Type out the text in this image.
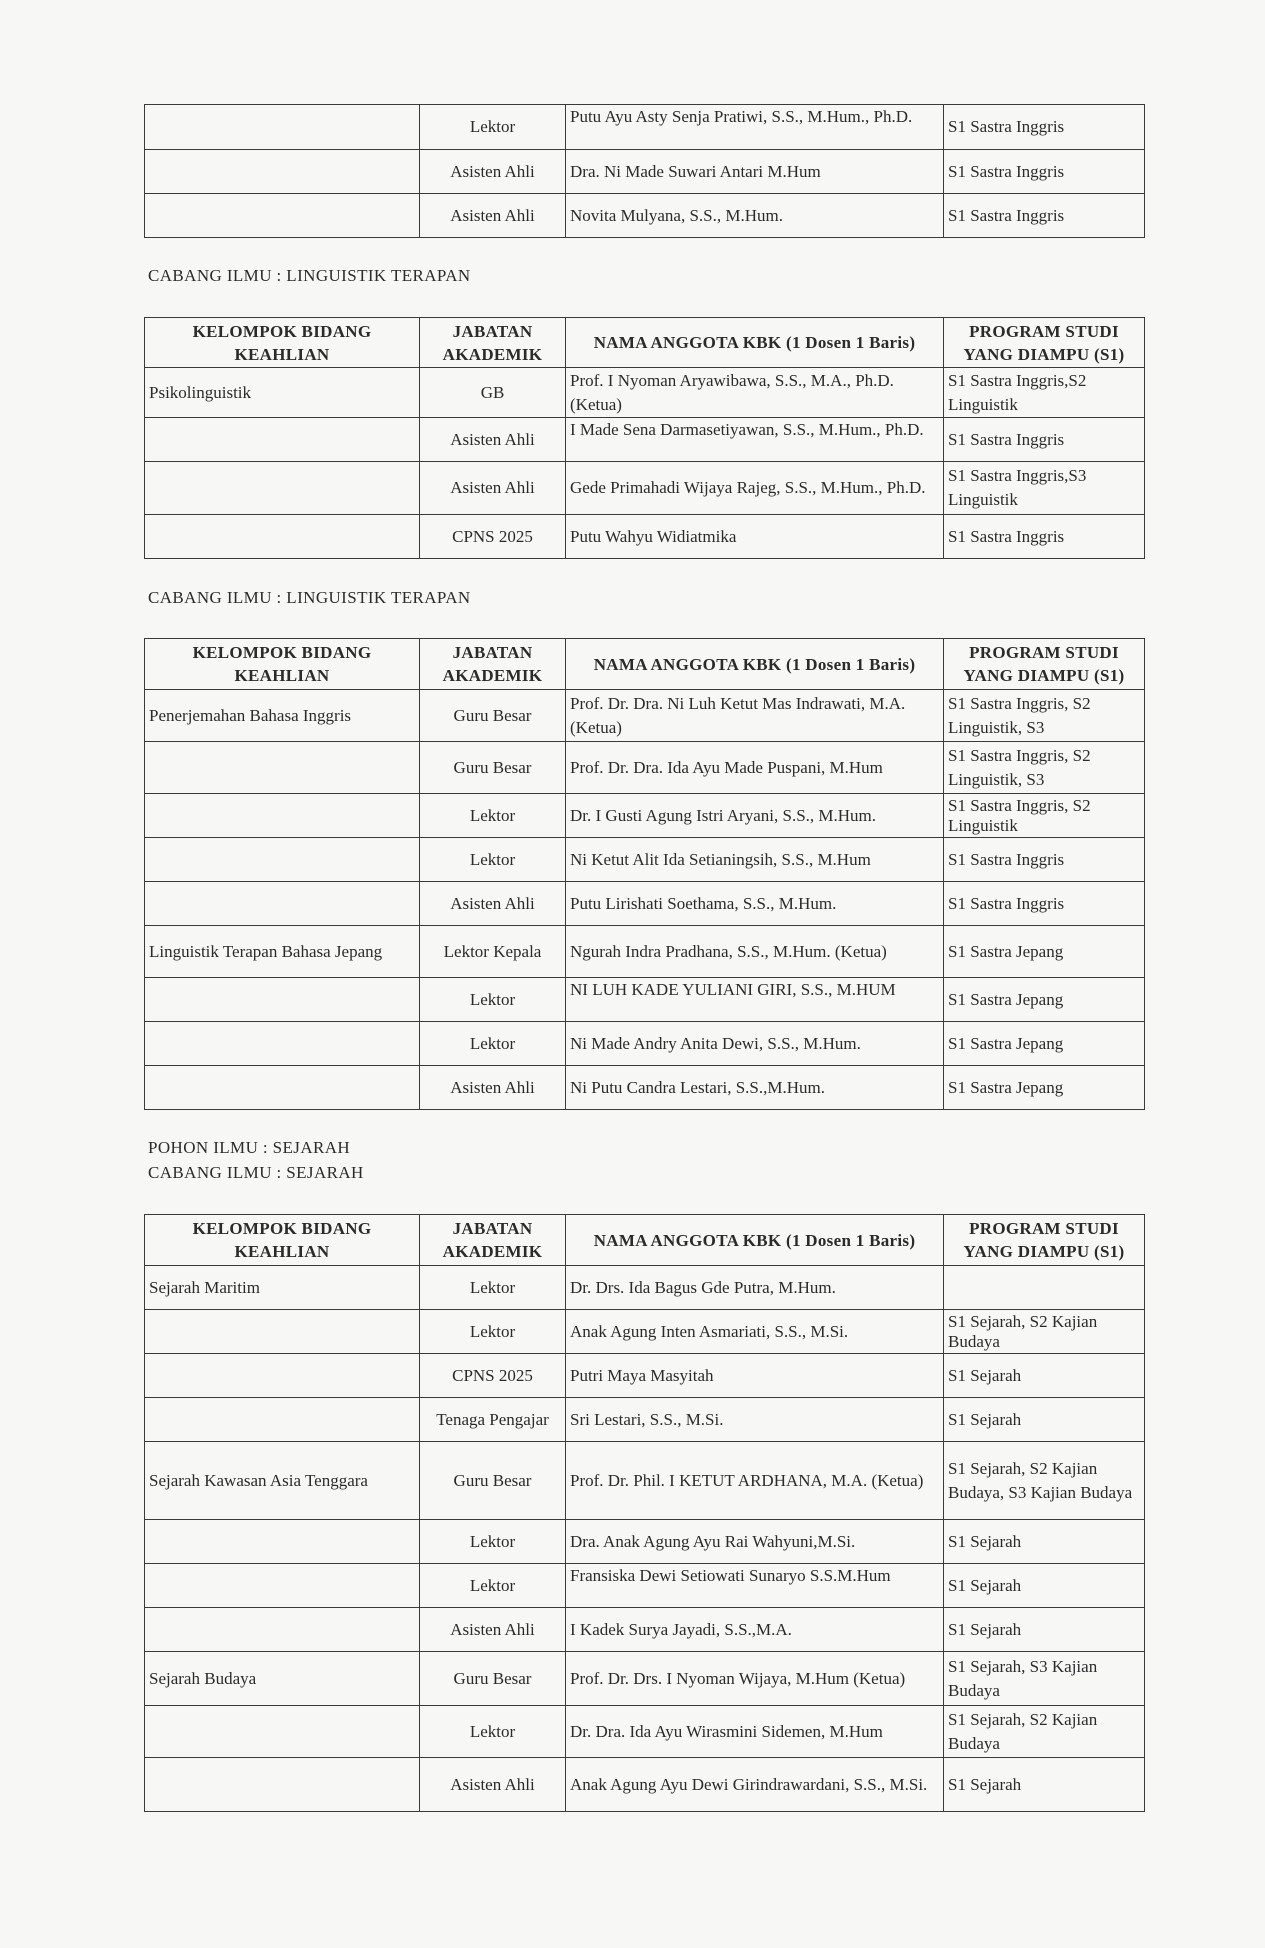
	Lektor	Putu Ayu Asty Senja Pratiwi, S.S., M.Hum., Ph.D.	S1 Sastra Inggris
	Asisten Ahli	Dra. Ni Made Suwari Antari M.Hum	S1 Sastra Inggris
	Asisten Ahli	Novita Mulyana, S.S., M.Hum.	S1 Sastra Inggris
CABANG ILMU : LINGUISTIK TERAPAN
KELOMPOK BIDANG KEAHLIAN	JABATAN AKADEMIK	NAMA ANGGOTA KBK (1 Dosen 1 Baris)	PROGRAM STUDI YANG DIAMPU (S1)
Psikolinguistik	GB	Prof. I Nyoman Aryawibawa, S.S., M.A., Ph.D. (Ketua)	S1 Sastra Inggris,S2 Linguistik
	Asisten Ahli	I Made Sena Darmasetiyawan, S.S., M.Hum., Ph.D.	S1 Sastra Inggris
	Asisten Ahli	Gede Primahadi Wijaya Rajeg, S.S., M.Hum., Ph.D.	S1 Sastra Inggris,S3 Linguistik
	CPNS 2025	Putu Wahyu Widiatmika	S1 Sastra Inggris
CABANG ILMU : LINGUISTIK TERAPAN
KELOMPOK BIDANG KEAHLIAN	JABATAN AKADEMIK	NAMA ANGGOTA KBK (1 Dosen 1 Baris)	PROGRAM STUDI YANG DIAMPU (S1)
Penerjemahan Bahasa Inggris	Guru Besar	Prof. Dr. Dra. Ni Luh Ketut Mas Indrawati, M.A. (Ketua)	S1 Sastra Inggris, S2 Linguistik, S3
	Guru Besar	Prof. Dr. Dra. Ida Ayu Made Puspani, M.Hum	S1 Sastra Inggris, S2 Linguistik, S3
	Lektor	Dr. I Gusti Agung Istri Aryani, S.S., M.Hum.	S1 Sastra Inggris, S2 Linguistik

	Lektor	Ni Ketut Alit Ida Setianingsih, S.S., M.Hum	S1 Sastra Inggris
	Asisten Ahli	Putu Lirishati Soethama, S.S., M.Hum.	S1 Sastra Inggris
Linguistik Terapan Bahasa Jepang	Lektor Kepala	Ngurah Indra Pradhana, S.S., M.Hum. (Ketua)	S1 Sastra Jepang
	Lektor	NI LUH KADE YULIANI GIRI, S.S., M.HUM	S1 Sastra Jepang
	Lektor	Ni Made Andry Anita Dewi, S.S., M.Hum.	S1 Sastra Jepang
	Asisten Ahli	Ni Putu Candra Lestari, S.S.,M.Hum.	S1 Sastra Jepang
POHON ILMU : SEJARAH
CABANG ILMU : SEJARAH
KELOMPOK BIDANG KEAHLIAN	JABATAN AKADEMIK	NAMA ANGGOTA KBK (1 Dosen 1 Baris)	PROGRAM STUDI YANG DIAMPU (S1)
Sejarah Maritim	Lektor	Dr. Drs. Ida Bagus Gde Putra, M.Hum.	
	Lektor	Anak Agung Inten Asmariati, S.S., M.Si.	S1 Sejarah, S2 Kajian Budaya

	CPNS 2025	Putri Maya Masyitah	S1 Sejarah
	Tenaga Pengajar	Sri Lestari, S.S., M.Si.	S1 Sejarah
Sejarah Kawasan Asia Tenggara	Guru Besar	Prof. Dr. Phil. I KETUT ARDHANA, M.A. (Ketua)	S1 Sejarah, S2 Kajian Budaya, S3 Kajian Budaya
	Lektor	Dra. Anak Agung Ayu Rai Wahyuni,M.Si.	S1 Sejarah
	Lektor	Fransiska Dewi Setiowati Sunaryo S.S.M.Hum	S1 Sejarah
	Asisten Ahli	I Kadek Surya Jayadi, S.S.,M.A.	S1 Sejarah
Sejarah Budaya	Guru Besar	Prof. Dr. Drs. I Nyoman Wijaya, M.Hum (Ketua)	S1 Sejarah, S3 Kajian Budaya
	Lektor	Dr. Dra. Ida Ayu Wirasmini Sidemen, M.Hum	S1 Sejarah, S2 Kajian Budaya
	Asisten Ahli	Anak Agung Ayu Dewi Girindrawardani, S.S., M.Si.	S1 Sejarah
